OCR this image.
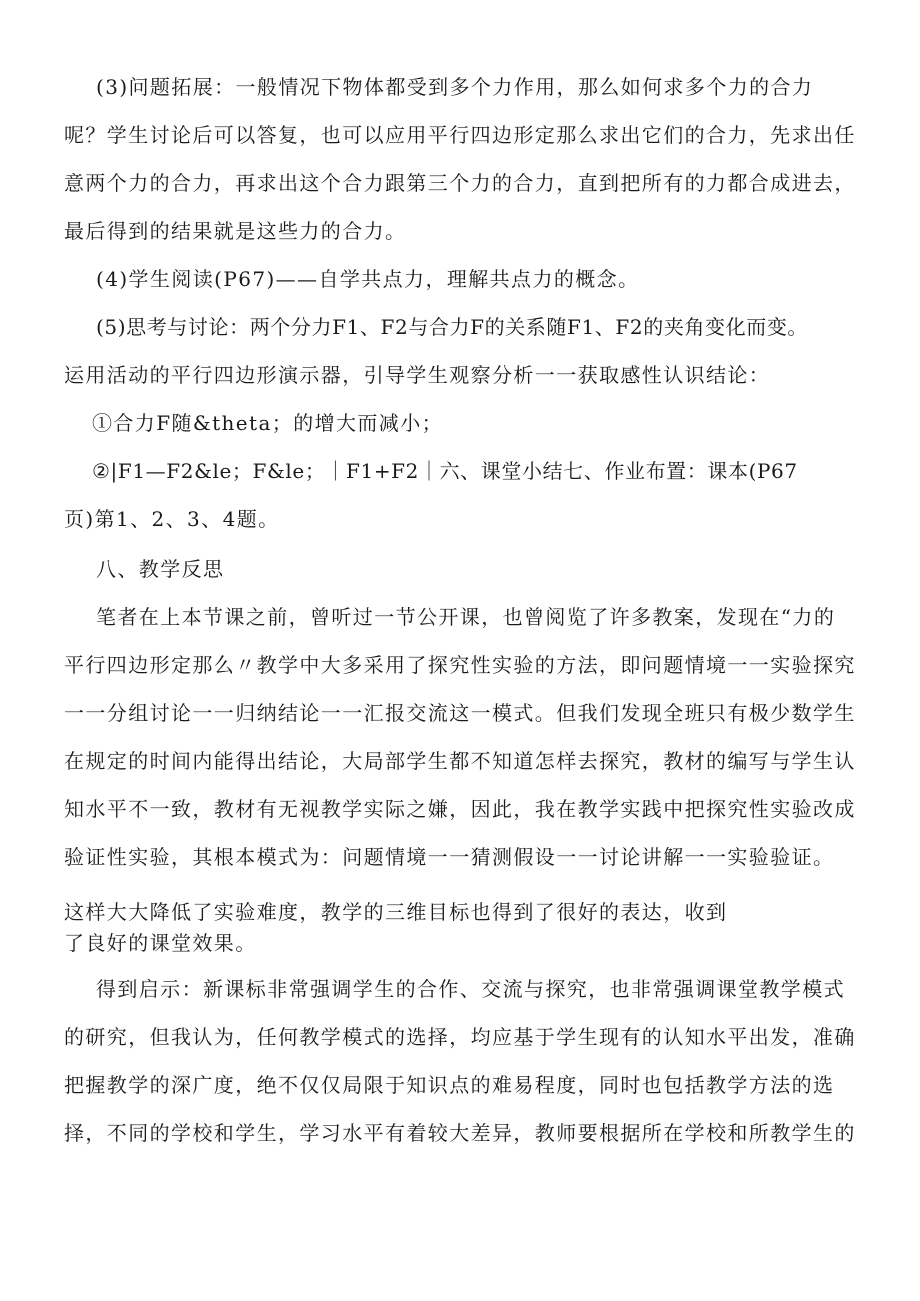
(3)问题拓展：一般情况下物体都受到多个力作用，那么如何求多个力的合力
呢？学生讨论后可以答复，也可以应用平行四边形定那么求出它们的合力，先求出任
意两个力的合力，再求出这个合力跟第三个力的合力，直到把所有的力都合成进去，
最后得到的结果就是这些力的合力。
(4)学生阅读(P67)——自学共点力，理解共点力的概念。
(5)思考与讨论：两个分力F1、F2与合力F的关系随F1、F2的夹角变化而变。
运用活动的平行四边形演示器，引导学生观察分析一一获取感性认识结论：
①合力F随&theta；的增大而减小；
②|F1—F2&le；F&le；｜F1+F2｜六、课堂小结七、作业布置：课本(P67
页)第1、2、3、4题。
八、教学反思
笔者在上本节课之前，曾听过一节公开课，也曾阅览了许多教案，发现在“力的
平行四边形定那么〃教学中大多采用了探究性实验的方法，即问题情境一一实验探究
一一分组讨论一一归纳结论一一汇报交流这一模式。但我们发现全班只有极少数学生
在规定的时间内能得出结论，大局部学生都不知道怎样去探究，教材的编写与学生认
知水平不一致，教材有无视教学实际之嫌，因此，我在教学实践中把探究性实验改成
验证性实验，其根本模式为：问题情境一一猜测假设一一讨论讲解一一实验验证。
这样大大降低了实验难度，教学的三维目标也得到了很好的表达，收到
了良好的课堂效果。
得到启示：新课标非常强调学生的合作、交流与探究，也非常强调课堂教学模式
的研究，但我认为，任何教学模式的选择，均应基于学生现有的认知水平出发，准确
把握教学的深广度，绝不仅仅局限于知识点的难易程度，同时也包括教学方法的选
择，不同的学校和学生，学习水平有着较大差异，教师要根据所在学校和所教学生的
